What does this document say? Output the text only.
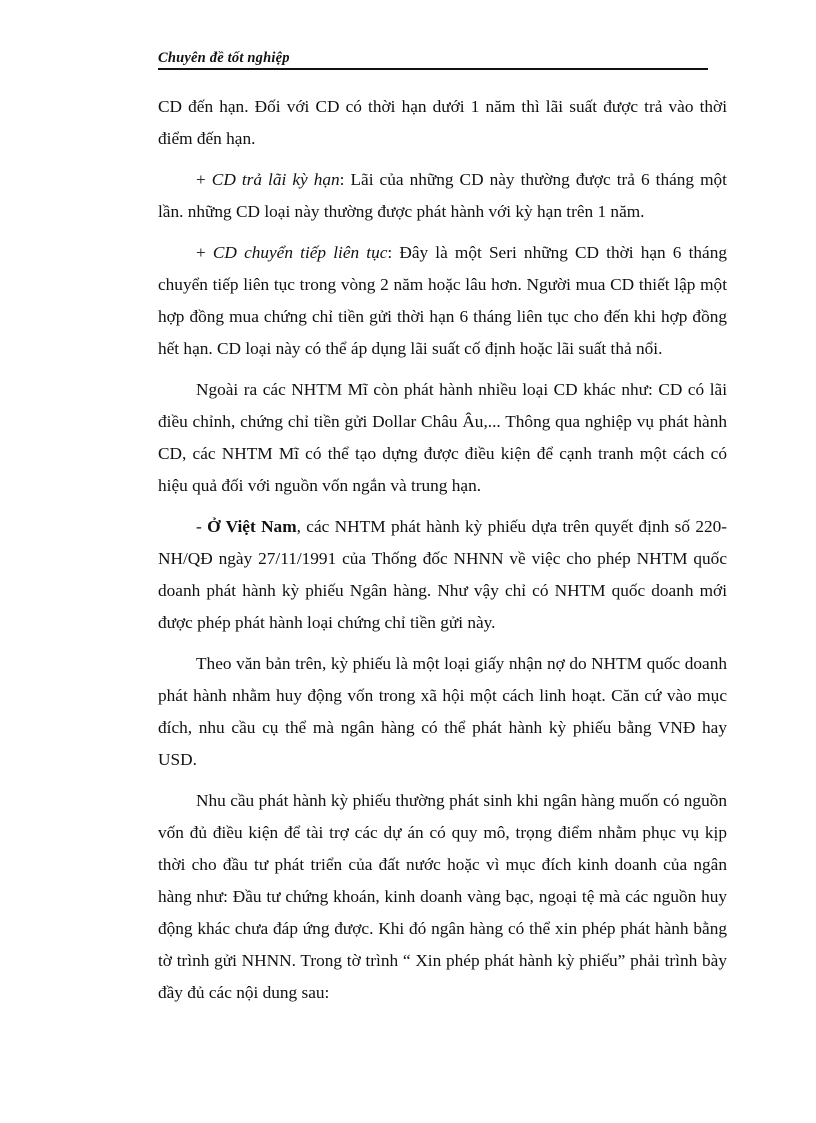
Chuyên đề tốt nghiệp

CD đến hạn. Đối với CD có thời hạn dưới 1 năm thì lãi suất được trả vào thời điểm đến hạn.

+ CD trả lãi kỳ hạn: Lãi của những CD này thường được trả 6 tháng một lần. những CD loại này thường được phát hành với kỳ hạn trên 1 năm.

+ CD chuyển tiếp liên tục: Đây là một Seri những CD thời hạn 6 tháng chuyển tiếp liên tục trong vòng 2 năm hoặc lâu hơn. Người mua CD thiết lập một hợp đồng mua chứng chỉ tiền gửi thời hạn 6 tháng liên tục cho đến khi hợp đồng hết hạn. CD loại này có thể áp dụng lãi suất cố định hoặc lãi suất thả nổi.

Ngoài ra các NHTM Mĩ còn phát hành nhiều loại CD khác như: CD có lãi điều chỉnh, chứng chỉ tiền gửi Dollar Châu Âu,... Thông qua nghiệp vụ phát hành CD, các NHTM Mĩ có thể tạo dựng được điều kiện để cạnh tranh một cách có hiệu quả đối với nguồn vốn ngắn và trung hạn.

- Ở Việt Nam, các NHTM phát hành kỳ phiếu dựa trên quyết định số 220-NH/QĐ ngày 27/11/1991 của Thống đốc NHNN về việc cho phép NHTM quốc doanh phát hành kỳ phiếu Ngân hàng. Như vậy chỉ có NHTM quốc doanh mới được phép phát hành loại chứng chỉ tiền gửi này.

Theo văn bản trên, kỳ phiếu là một loại giấy nhận nợ do NHTM quốc doanh phát hành nhằm huy động vốn trong xã hội một cách linh hoạt. Căn cứ vào mục đích, nhu cầu cụ thể mà ngân hàng có thể phát hành kỳ phiếu bằng VNĐ hay USD.

Nhu cầu phát hành kỳ phiếu thường phát sinh khi ngân hàng muốn có nguồn vốn đủ điều kiện để tài trợ các dự án có quy mô, trọng điểm nhằm phục vụ kịp thời cho đầu tư phát triển của đất nước hoặc vì mục đích kinh doanh của ngân hàng như: Đầu tư chứng khoán, kinh doanh vàng bạc, ngoại tệ mà các nguồn huy động khác chưa đáp ứng được. Khi đó ngân hàng có thể xin phép phát hành bằng tờ trình gửi NHNN. Trong tờ trình “ Xin phép phát hành kỳ phiếu” phải trình bày đầy đủ các nội dung sau:
